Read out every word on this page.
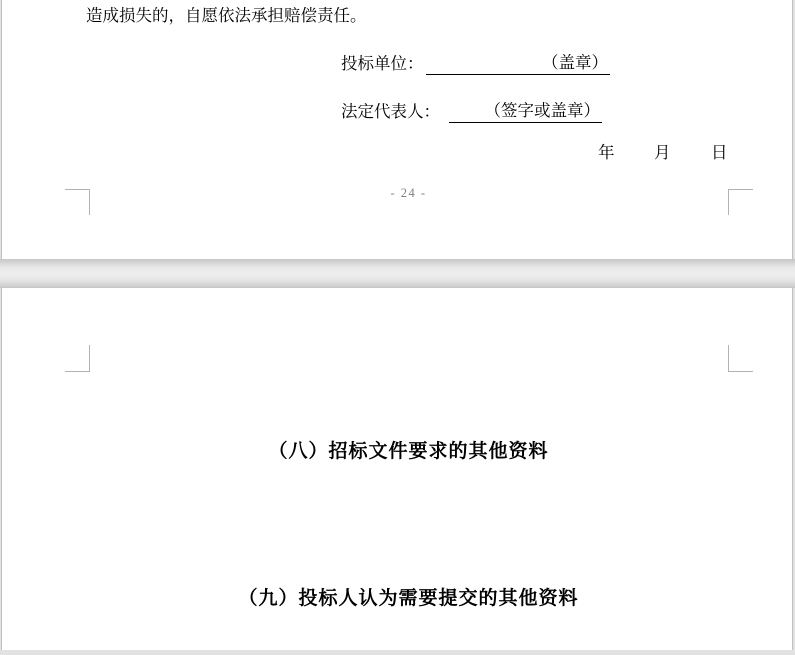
造成损失的，自愿依法承担赔偿责任。
投标单位：	（盖章）
法定代表人：	（签字或盖章）
年 月 日
- 24 -
（八）招标文件要求的其他资料
（九）投标人认为需要提交的其他资料
